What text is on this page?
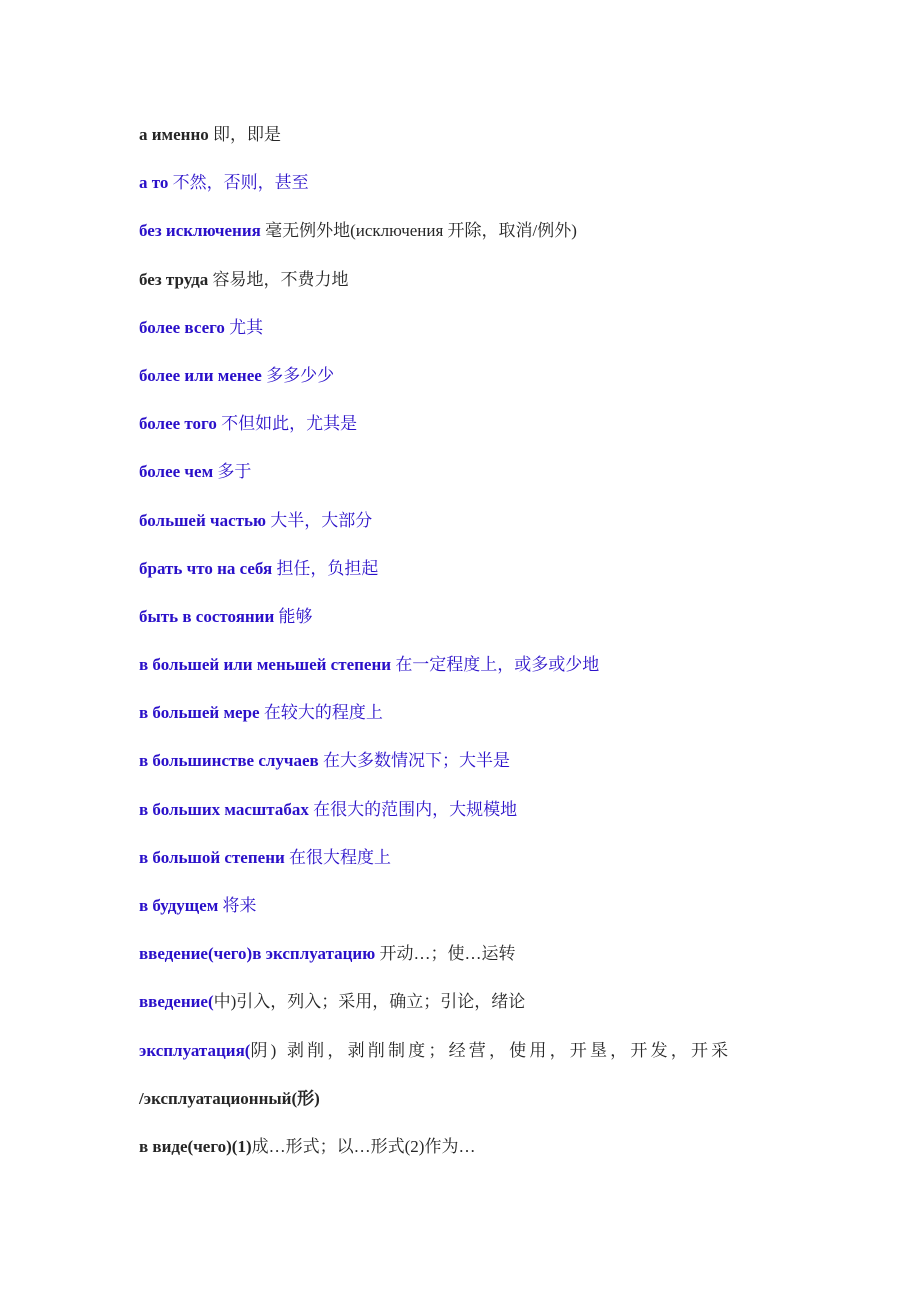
а именно 即，即是
а то 不然，否则，甚至
без исключения 毫无例外地(исключения 开除，取消/例外)
без труда 容易地，不费力地
более всего 尤其
более или менее 多多少少
более того 不但如此，尤其是
более чем 多于
большей частью 大半，大部分
брать что на себя 担任，负担起
быть в состоянии 能够
в большей или меньшей степени 在一定程度上，或多或少地
в большей мере 在较大的程度上
в большинстве случаев 在大多数情况下；大半是
в больших масштабах 在很大的范围内，大规模地
в большой степени 在很大程度上
в будущем 将来
введение(чего)в эксплуатацию 开动…；使…运转
введение(中)引入，列入；采用，确立；引论，绪论
эксплуатация(阴) 剥削，剥削制度；经营，使用，开垦，开发，开采
/эксплуатационный(形)
в виде(чего)(1)成…形式；以…形式(2)作为…
